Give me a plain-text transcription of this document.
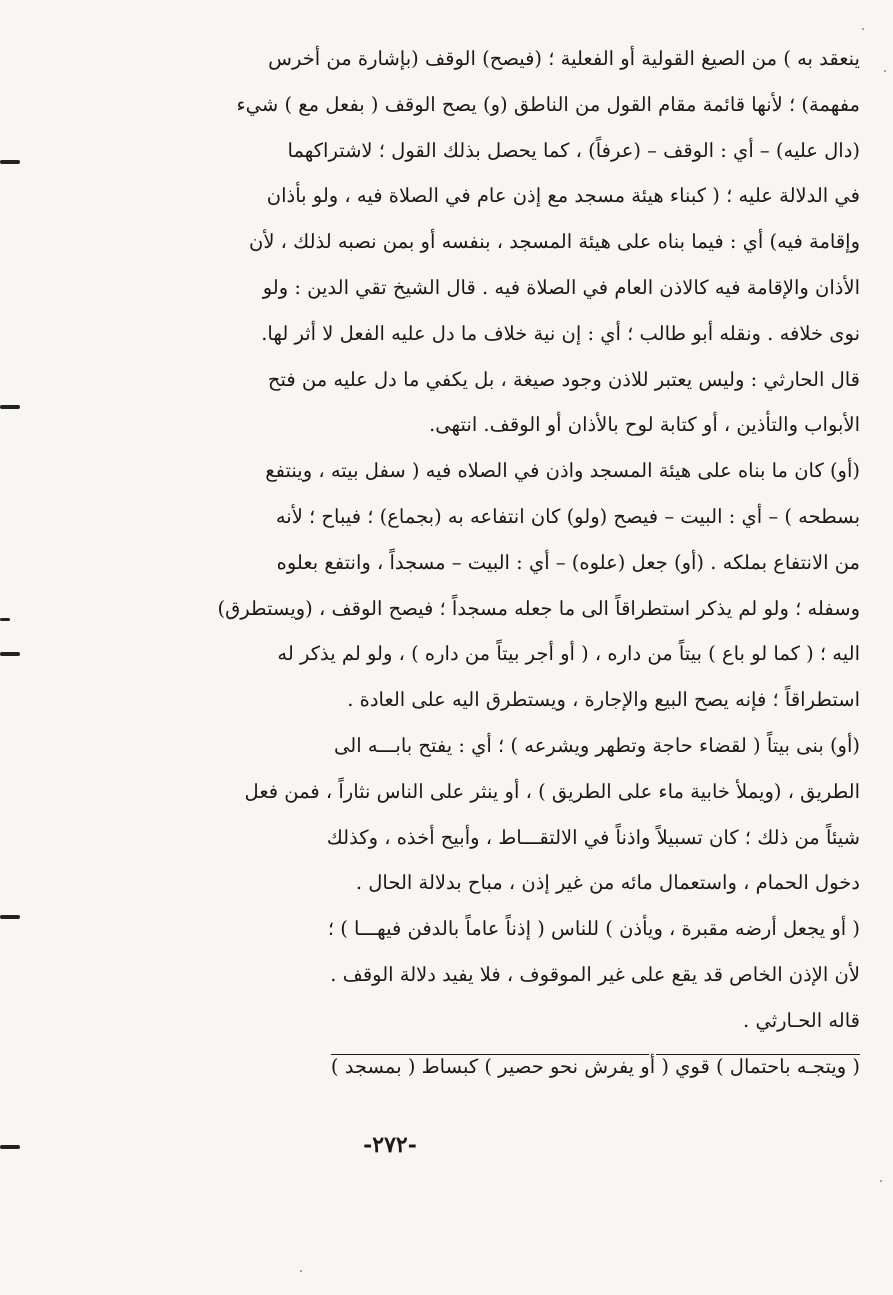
ينعقد به ) من الصيغ القولية أو الفعلية ؛ (فيصح) الوقف (بإشارة من أخرس
مفهمة) ؛ لأنها قائمة مقام القول من الناطق (و) يصح الوقف ( بفعل مع ) شيء
(دال عليه) – أي : الوقف – (عرفاً) ، كما يحصل بذلك القول ؛ لاشتراكهما
في الدلالة عليه ؛ ( كبناء هيئة مسجد مع إذن عام في الصلاة فيه ، ولو بأذان
وإقامة فيه) أي : فيما بناه على هيئة المسجد ، بنفسه أو بمن نصبه لذلك ، لأن
الأذان والإقامة فيه كالاذن العام في الصلاة فيه . قال الشيخ تقي الدين : ولو
نوى خلافه . ونقله أبو طالب ؛ أي : إن نية خلاف ما دل عليه الفعل لا أثر لها.
قال الحارثي : وليس يعتبر للاذن وجود صيغة ، بل يكفي ما دل عليه من فتح
الأبواب والتأذين ، أو كتابة لوح بالأذان أو الوقف. انتهى.
(أو) كان ما بناه على هيئة المسجد واذن في الصلاه فيه ( سفل بيته ، وينتفع
بسطحه ) – أي : البيت – فيصح (ولو) كان انتفاعه به (بجماع) ؛ فيباح ؛ لأنه
من الانتفاع بملكه . (أو) جعل (علوه) – أي : البيت – مسجداً ، وانتفع بعلوه
وسفله ؛ ولو لم يذكر استطراقاً الى ما جعله مسجداً ؛ فيصح الوقف ، (ويستطرق)
اليه ؛ ( كما لو باع ) بيتاً من داره ، ( أو أجر بيتاً من داره ) ، ولو لم يذكر له
استطراقاً ؛ فإنه يصح البيع والإجارة ، ويستطرق اليه على العادة .
(أو) بنى بيتاً ( لقضاء حاجة وتطهر ويشرعه ) ؛ أي : يفتح بابـــه الى
الطريق ، (ويملأ خابية ماء على الطريق ) ، أو ينثر على الناس نثاراً ، فمن فعل
شيئاً من ذلك ؛ كان تسبيلاً واذناً في الالتقـــاط ، وأبيح أخذه ، وكذلك
دخول الحمام ، واستعمال مائه من غير إذن ، مباح بدلالة الحال .
( أو يجعل أرضه مقبرة ، ويأذن ) للناس ( إذناً عاماً بالدفن فيهـــا ) ؛
لأن الإذن الخاص قد يقع على غير الموقوف ، فلا يفيد دلالة الوقف .
قاله الحـارثي .
( ويتجـه باحتمال ) قوي ( أو يفرش نحو حصير ) كبساط ( بمسجد )
-٢٧٢-
